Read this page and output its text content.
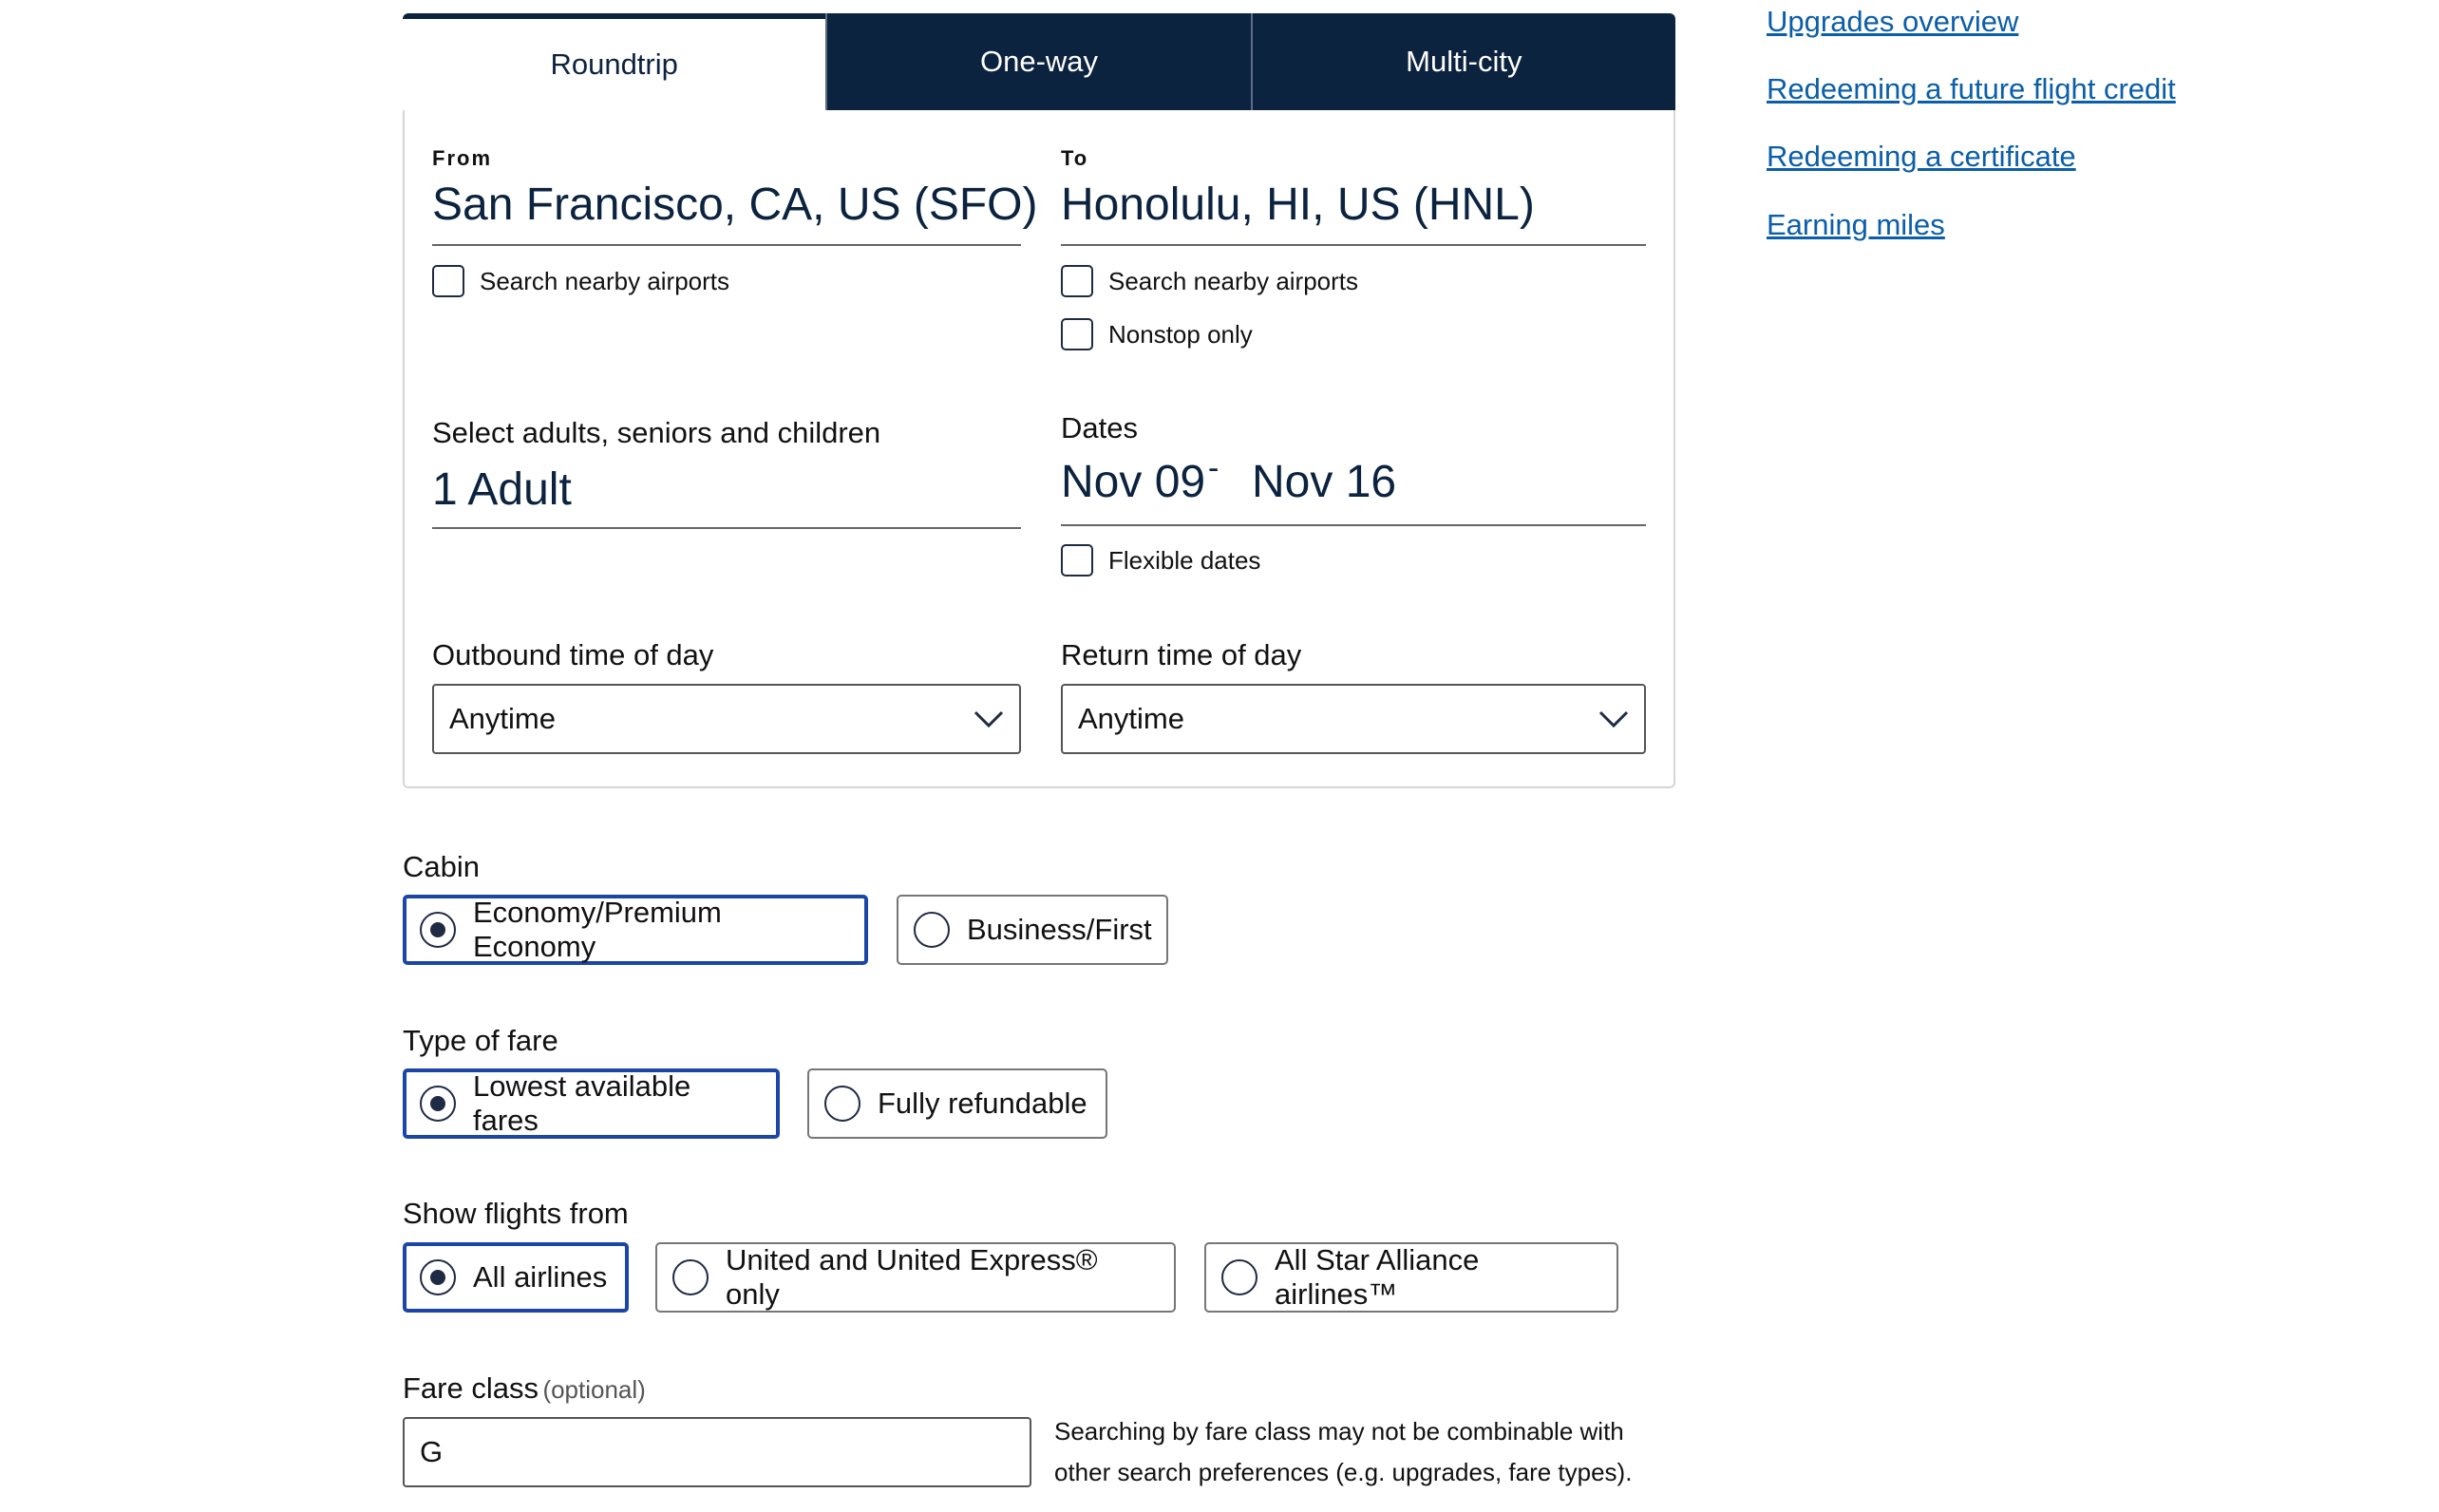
Roundtrip	One-way	Multi-city
From
San Francisco, CA, US (SFO)
Search nearby airports
To
Honolulu, HI, US (HNL)
Search nearby airports
Nonstop only
Select adults, seniors and children
1 Adult
Dates
Nov 09 - Nov 16
Flexible dates
Outbound time of day
Anytime
Return time of day
Anytime
Cabin
Economy/Premium Economy
Business/First
Type of fare
Lowest available fares
Fully refundable
Show flights from
All airlines
United and United Express® only
All Star Alliance airlines™
Fare class (optional)
G
Searching by fare class may not be combinable with
other search preferences (e.g. upgrades, fare types).
Upgrades overview
Redeeming a future flight credit
Redeeming a certificate
Earning miles
